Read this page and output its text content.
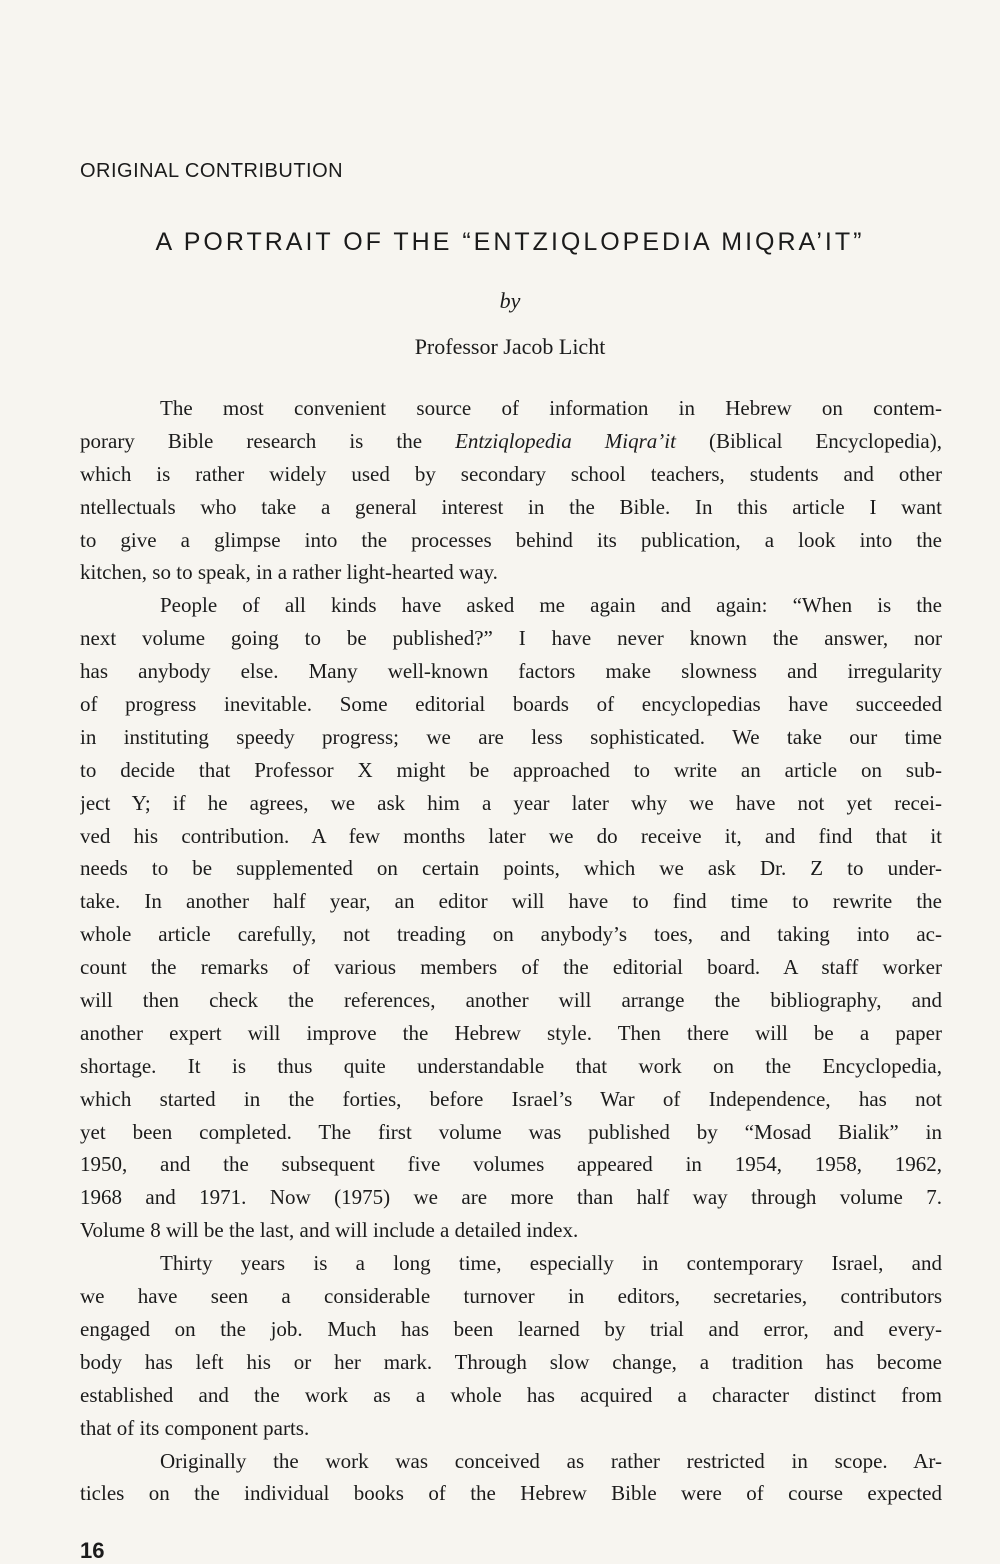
ORIGINAL CONTRIBUTION
A PORTRAIT OF THE “ENTZIQLOPEDIA MIQRA’IT”
by
Professor Jacob Licht
The most convenient source of information in Hebrew on contem-
porary Bible research is the Entziqlopedia Miqra’it (Biblical Encyclopedia),
which is rather widely used by secondary school teachers, students and other
ntellectuals who take a general interest in the Bible. In this article I want
to give a glimpse into the processes behind its publication, a look into the
kitchen, so to speak, in a rather light-hearted way.
People of all kinds have asked me again and again: “When is the
next volume going to be published?” I have never known the answer, nor
has anybody else. Many well-known factors make slowness and irregularity
of progress inevitable. Some editorial boards of encyclopedias have succeeded
in instituting speedy progress; we are less sophisticated. We take our time
to decide that Professor X might be approached to write an article on sub-
ject Y; if he agrees, we ask him a year later why we have not yet recei-
ved his contribution. A few months later we do receive it, and find that it
needs to be supplemented on certain points, which we ask Dr. Z to under-
take. In another half year, an editor will have to find time to rewrite the
whole article carefully, not treading on anybody’s toes, and taking into ac-
count the remarks of various members of the editorial board. A staff worker
will then check the references, another will arrange the bibliography, and
another expert will improve the Hebrew style. Then there will be a paper
shortage. It is thus quite understandable that work on the Encyclopedia,
which started in the forties, before Israel’s War of Independence, has not
yet been completed. The first volume was published by “Mosad Bialik” in
1950, and the subsequent five volumes appeared in 1954, 1958, 1962,
1968 and 1971. Now (1975) we are more than half way through volume 7.
Volume 8 will be the last, and will include a detailed index.
Thirty years is a long time, especially in contemporary Israel, and
we have seen a considerable turnover in editors, secretaries, contributors
engaged on the job. Much has been learned by trial and error, and every-
body has left his or her mark. Through slow change, a tradition has become
established and the work as a whole has acquired a character distinct from
that of its component parts.
Originally the work was conceived as rather restricted in scope. Ar-
ticles on the individual books of the Hebrew Bible were of course expected
16
